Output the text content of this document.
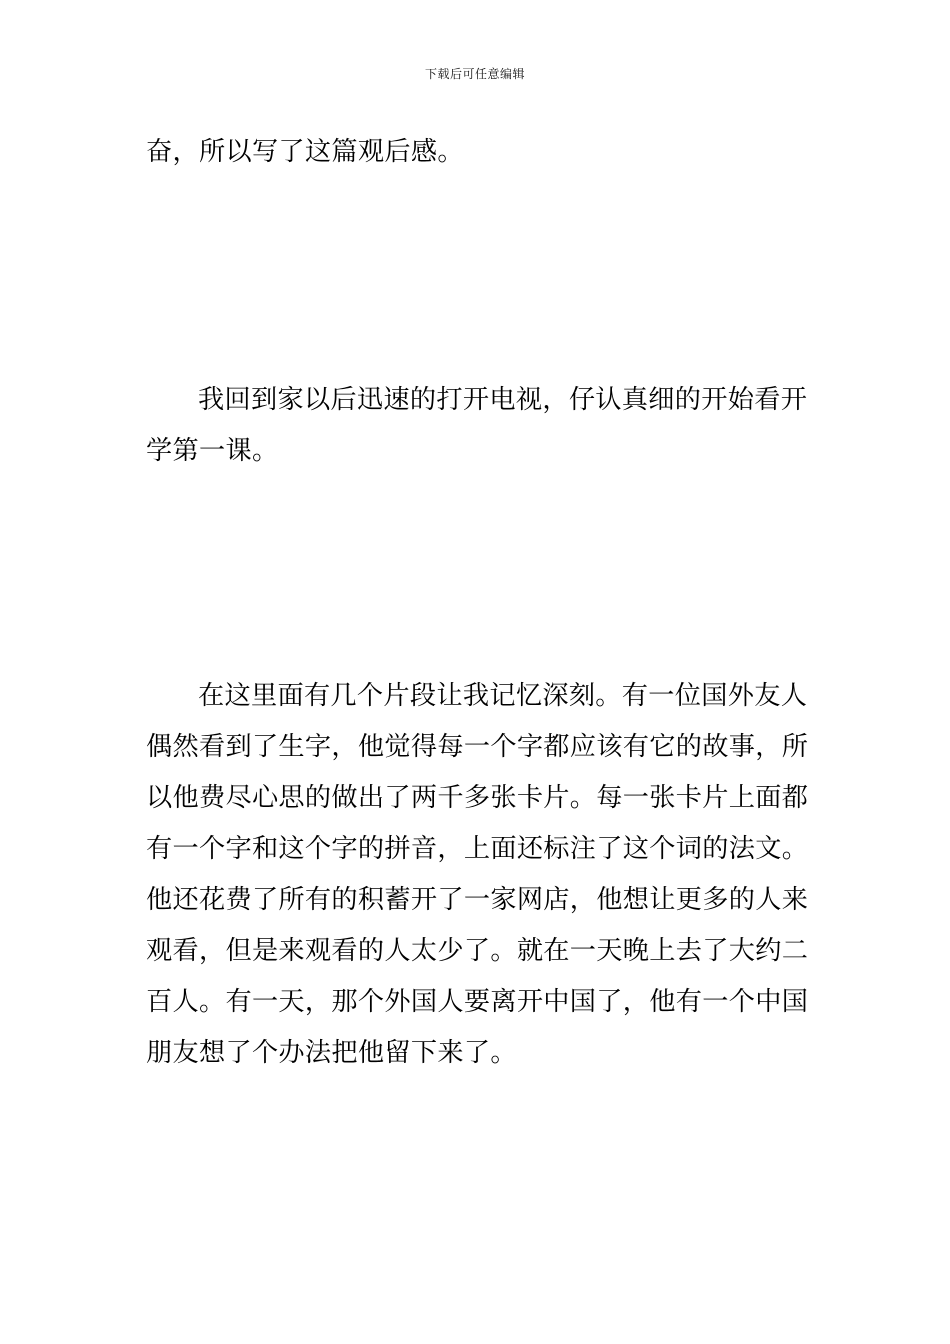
下载后可任意编辑

奋，所以写了这篇观后感。

我回到家以后迅速的打开电视，仔认真细的开始看开
学第一课。

在这里面有几个片段让我记忆深刻。有一位国外友人
偶然看到了生字，他觉得每一个字都应该有它的故事，所
以他费尽心思的做出了两千多张卡片。每一张卡片上面都
有一个字和这个字的拼音，上面还标注了这个词的法文。
他还花费了所有的积蓄开了一家网店，他想让更多的人来
观看，但是来观看的人太少了。就在一天晚上去了大约二
百人。有一天，那个外国人要离开中国了，他有一个中国
朋友想了个办法把他留下来了。
